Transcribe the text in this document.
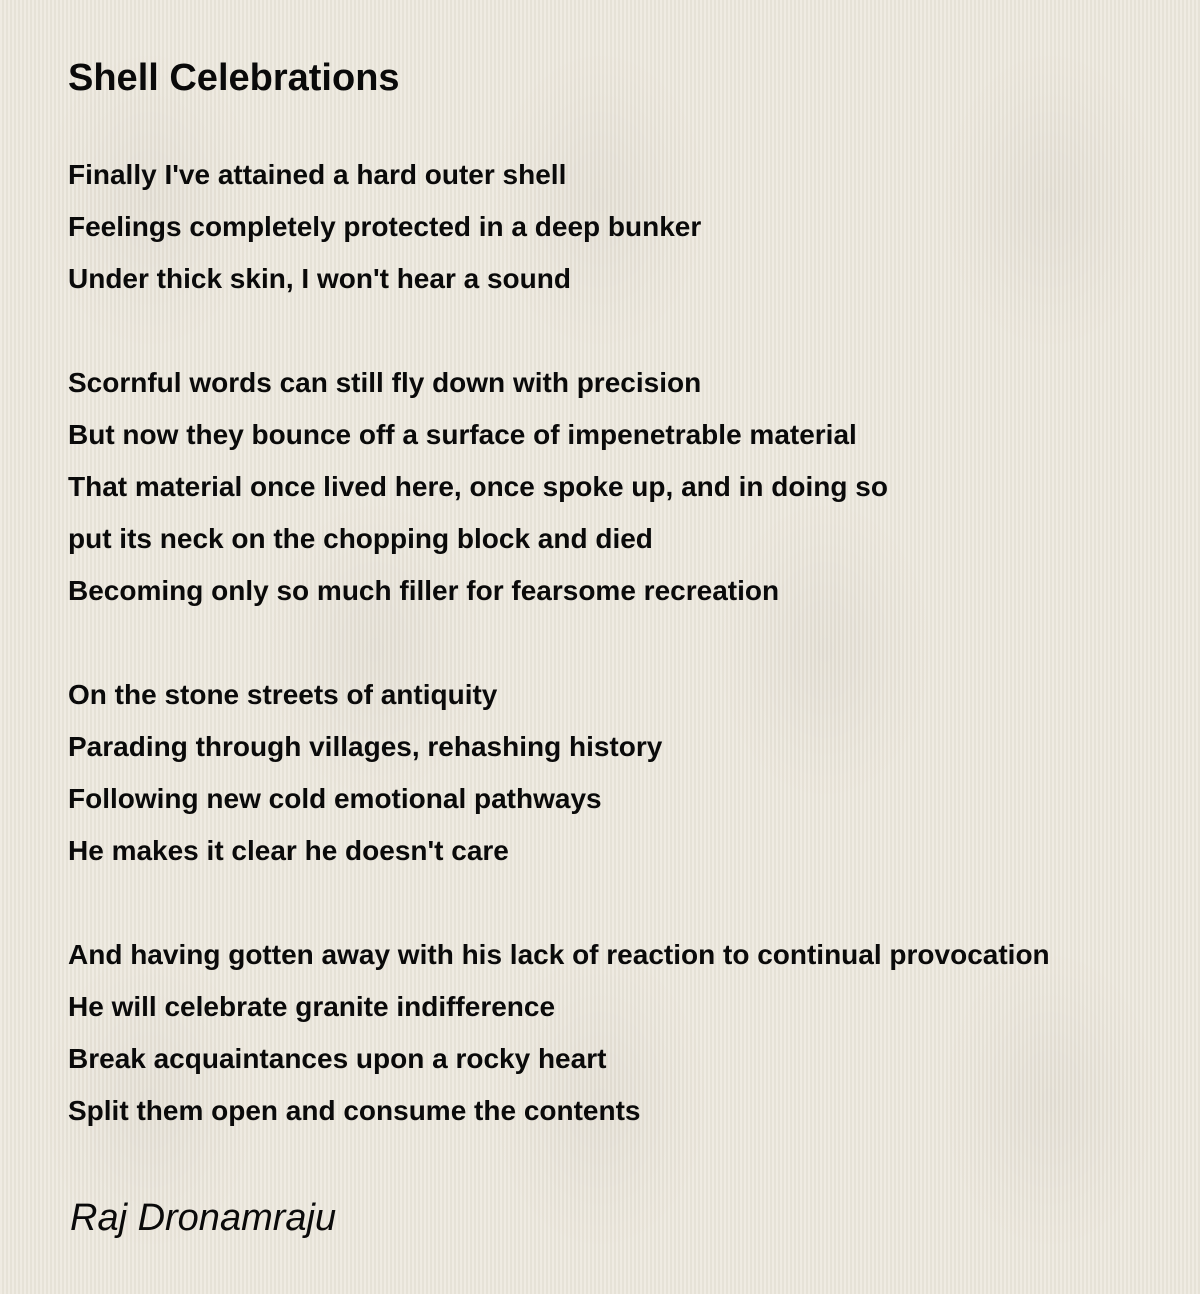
Shell Celebrations
Finally I've attained a hard outer shell
Feelings completely protected in a deep bunker
Under thick skin, I won't hear a sound
Scornful words can still fly down with precision
But now they bounce off a surface of impenetrable material
That material once lived here, once spoke up, and in doing so
put its neck on the chopping block and died
Becoming only so much filler for fearsome recreation
On the stone streets of antiquity
Parading through villages, rehashing history
Following new cold emotional pathways
He makes it clear he doesn't care
And having gotten away with his lack of reaction to continual provocation
He will celebrate granite indifference
Break acquaintances upon a rocky heart
Split them open and consume the contents

Raj Dronamraju
